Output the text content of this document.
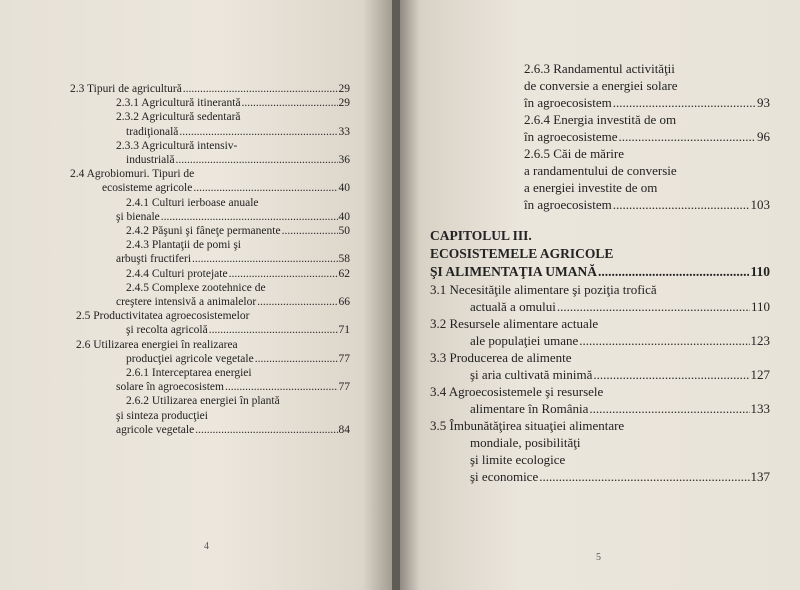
2.3 Tipuri de agricultură .....	29
2.3.1 Agricultură itinerantă .....	29
2.3.2 Agricultură sedentară
tradiţională .....	33
2.3.3 Agricultură intensiv-
industrială .....	36
2.4 Agrobiomuri. Tipuri de
ecosisteme agricole .....	40
2.4.1 Culturi ierboase anuale
şi bienale .....	40
2.4.2 Păşuni şi fâneţe permanente .....	50
2.4.3 Plantaţii de pomi şi
arbuşti fructiferi .....	58
2.4.4 Culturi protejate .....	62
2.4.5 Complexe zootehnice de
creştere intensivă a animalelor .....	66
2.5 Productivitatea agroecosistemelor
şi recolta agricolă .....	71
2.6 Utilizarea energiei în realizarea
producţiei agricole vegetale .....	77
2.6.1 Interceptarea energiei
solare în agroecosistem .....	77
2.6.2 Utilizarea energiei în plantă
şi sinteza producţiei
agricole vegetale .....	84
4
5
2.6.3 Randamentul activităţii
de conversie a energiei solare
în agroecosistem .....	93
2.6.4 Energia investită de om
în agroecosisteme .....	96
2.6.5 Căi de mărire
a randamentului de conversie
a energiei investite de om
în agroecosistem .....	103
CAPITOLUL III.
ECOSISTEMELE AGRICOLE
ŞI ALIMENTAŢIA UMANĂ .....	110
3.1 Necesităţile alimentare şi poziţia trofică
actuală a omului .....	110
3.2 Resursele alimentare actuale
ale populaţiei umane .....	123
3.3 Producerea de alimente
şi aria cultivată minimă .....	127
3.4 Agroecosistemele şi resursele
alimentare în România .....	133
3.5 Îmbunătăţirea situaţiei alimentare
mondiale, posibilităţi
şi limite ecologice
şi economice .....	137
